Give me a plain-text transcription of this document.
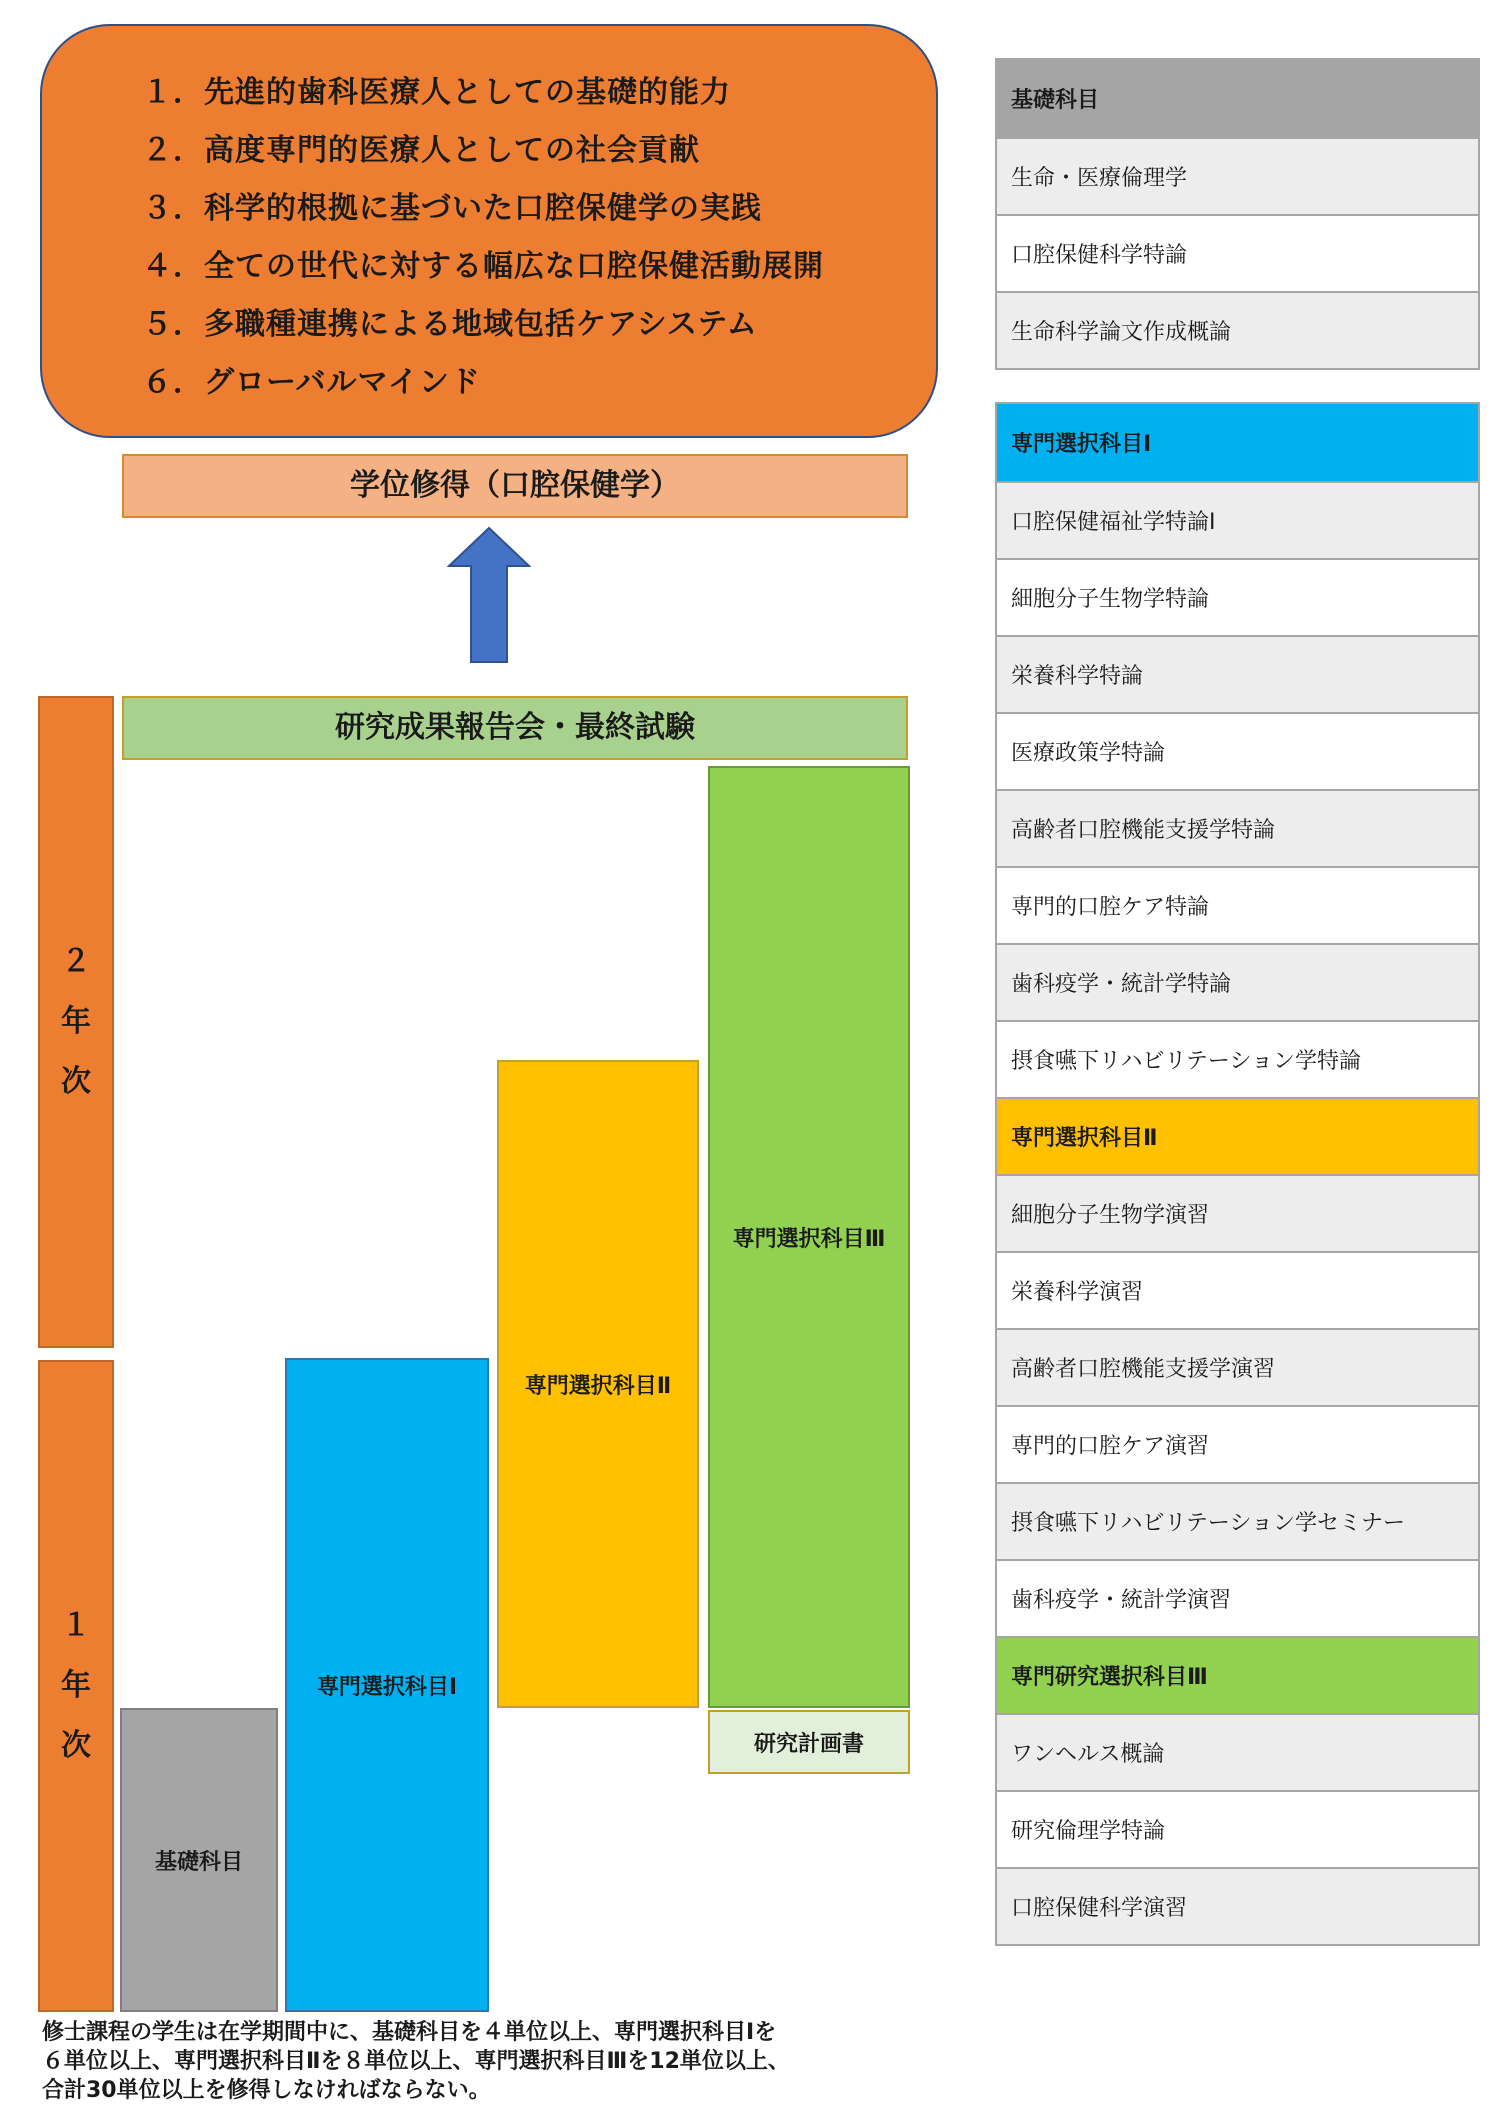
１．先進的歯科医療人としての基礎的能力
２．高度専門的医療人としての社会貢献
３．科学的根拠に基づいた口腔保健学の実践
４．全ての世代に対する幅広な口腔保健活動展開
５．多職種連携による地域包括ケアシステム
６．グローバルマインド
学位修得（口腔保健学）
研究成果報告会・最終試験
２
年
次
１
年
次
基礎科目
専門選択科目Ⅰ
専門選択科目Ⅱ
専門選択科目Ⅲ
研究計画書
修士課程の学生は在学期間中に、基礎科目を４単位以上、専門選択科目Ⅰを
６単位以上、専門選択科目Ⅱを８単位以上、専門選択科目Ⅲを12単位以上、
合計30単位以上を修得しなければならない。
基礎科目
生命・医療倫理学
口腔保健科学特論
生命科学論文作成概論
専門選択科目Ⅰ
口腔保健福祉学特論Ⅰ
細胞分子生物学特論
栄養科学特論
医療政策学特論
高齢者口腔機能支援学特論
専門的口腔ケア特論
歯科疫学・統計学特論
摂食嚥下リハビリテーション学特論
専門選択科目Ⅱ
細胞分子生物学演習
栄養科学演習
高齢者口腔機能支援学演習
専門的口腔ケア演習
摂食嚥下リハビリテーション学セミナー
歯科疫学・統計学演習
専門研究選択科目Ⅲ
ワンヘルス概論
研究倫理学特論
口腔保健科学演習
